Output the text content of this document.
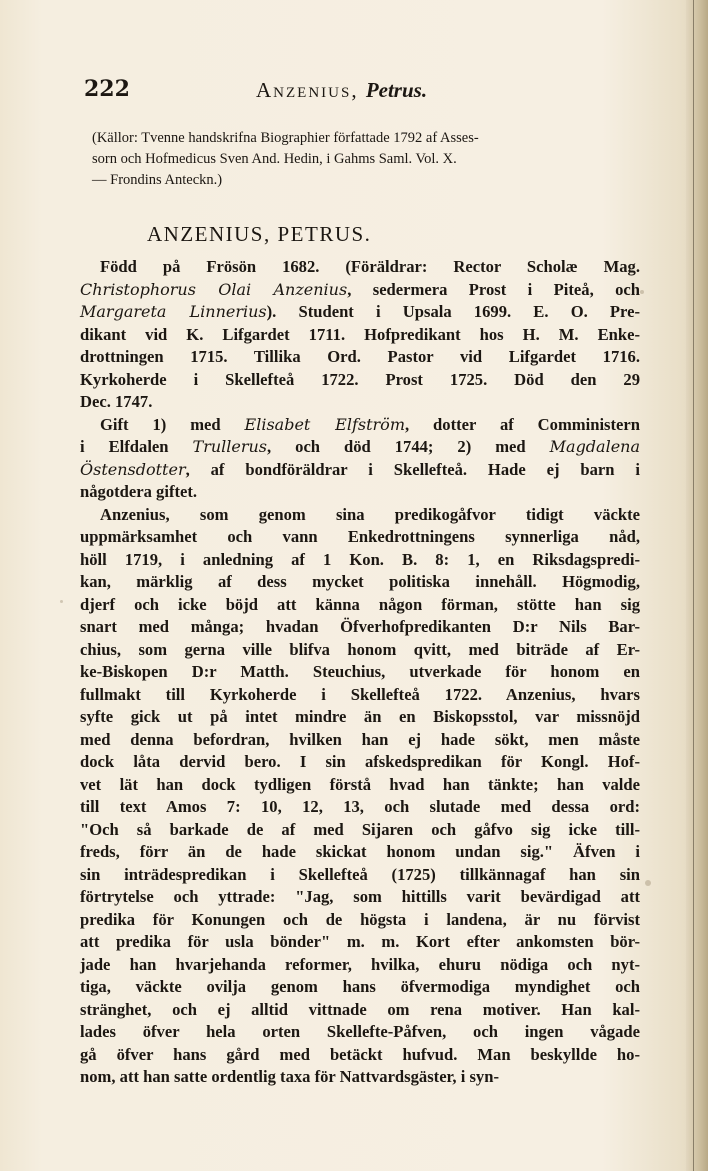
222	Anzenius, Petrus.
(Källor: Tvenne handskrifna Biographier författade 1792 af Asses-
sorn och Hofmedicus Sven And. Hedin, i Gahms Saml. Vol. X.
— Frondins Anteckn.)
ANZENIUS, PETRUS.
Född på Frösön 1682. (Föräldrar: Rector Scholæ Mag.
Christophorus Olai Anzenius, sedermera Prost i Piteå, och
Margareta Linnerius). Student i Upsala 1699. E. O. Pre-
dikant vid K. Lifgardet 1711. Hofpredikant hos H. M. Enke-
drottningen 1715. Tillika Ord. Pastor vid Lifgardet 1716.
Kyrkoherde i Skellefteå 1722. Prost 1725. Död den 29
Dec. 1747.
Gift 1) med Elisabet Elfström, dotter af Comministern
i Elfdalen Trullerus, och död 1744; 2) med Magdalena
Östensdotter, af bondföräldrar i Skellefteå. Hade ej barn i
någotdera giftet.
Anzenius, som genom sina predikogåfvor tidigt väckte
uppmärksamhet och vann Enkedrottningens synnerliga nåd,
höll 1719, i anledning af 1 Kon. B. 8: 1, en Riksdagspredi-
kan, märklig af dess mycket politiska innehåll. Högmodig,
djerf och icke böjd att känna någon förman, stötte han sig
snart med många; hvadan Öfverhofpredikanten D:r Nils Bar-
chius, som gerna ville blifva honom qvitt, med biträde af Er-
ke-Biskopen D:r Matth. Steuchius, utverkade för honom en
fullmakt till Kyrkoherde i Skellefteå 1722. Anzenius, hvars
syfte gick ut på intet mindre än en Biskopsstol, var missnöjd
med denna befordran, hvilken han ej hade sökt, men måste
dock låta dervid bero. I sin afskedspredikan för Kongl. Hof-
vet lät han dock tydligen förstå hvad han tänkte; han valde
till text Amos 7: 10, 12, 13, och slutade med dessa ord:
"Och så barkade de af med Sijaren och gåfvo sig icke till-
freds, förr än de hade skickat honom undan sig." Äfven i
sin inträdespredikan i Skellefteå (1725) tillkännagaf han sin
förtrytelse och yttrade: "Jag, som hittills varit bevärdigad att
predika för Konungen och de högsta i landena, är nu förvist
att predika för usla bönder" m. m. Kort efter ankomsten bör-
jade han hvarjehanda reformer, hvilka, ehuru nödiga och nyt-
tiga, väckte ovilja genom hans öfvermodiga myndighet och
stränghet, och ej alltid vittnade om rena motiver. Han kal-
lades öfver hela orten Skellefte-Påfven, och ingen vågade
gå öfver hans gård med betäckt hufvud. Man beskyllde ho-
nom, att han satte ordentlig taxa för Nattvardsgäster, i syn-
